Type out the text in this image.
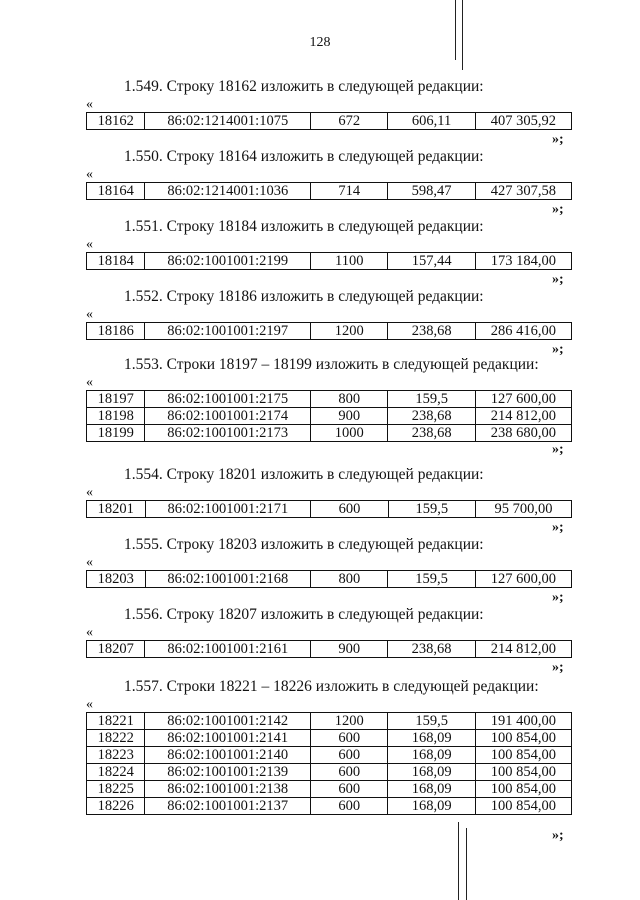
128
1.549. Строку 18162 изложить в следующей редакции:
«
18162	86:02:1214001:1075	672	606,11	407 305,92
»;
1.550. Строку 18164 изложить в следующей редакции:
«
18164	86:02:1214001:1036	714	598,47	427 307,58
»;
1.551. Строку 18184 изложить в следующей редакции:
«
18184	86:02:1001001:2199	1100	157,44	173 184,00
»;
1.552. Строку 18186 изложить в следующей редакции:
«
18186	86:02:1001001:2197	1200	238,68	286 416,00
»;
1.553. Строки 18197 – 18199 изложить в следующей редакции:
«
18197	86:02:1001001:2175	800	159,5	127 600,00
18198	86:02:1001001:2174	900	238,68	214 812,00
18199	86:02:1001001:2173	1000	238,68	238 680,00
»;
1.554. Строку 18201 изложить в следующей редакции:
«
18201	86:02:1001001:2171	600	159,5	95 700,00
»;
1.555. Строку 18203 изложить в следующей редакции:
«
18203	86:02:1001001:2168	800	159,5	127 600,00
»;
1.556. Строку 18207 изложить в следующей редакции:
«
18207	86:02:1001001:2161	900	238,68	214 812,00
»;
1.557. Строки 18221 – 18226 изложить в следующей редакции:
«
18221	86:02:1001001:2142	1200	159,5	191 400,00
18222	86:02:1001001:2141	600	168,09	100 854,00
18223	86:02:1001001:2140	600	168,09	100 854,00
18224	86:02:1001001:2139	600	168,09	100 854,00
18225	86:02:1001001:2138	600	168,09	100 854,00
18226	86:02:1001001:2137	600	168,09	100 854,00
»;
